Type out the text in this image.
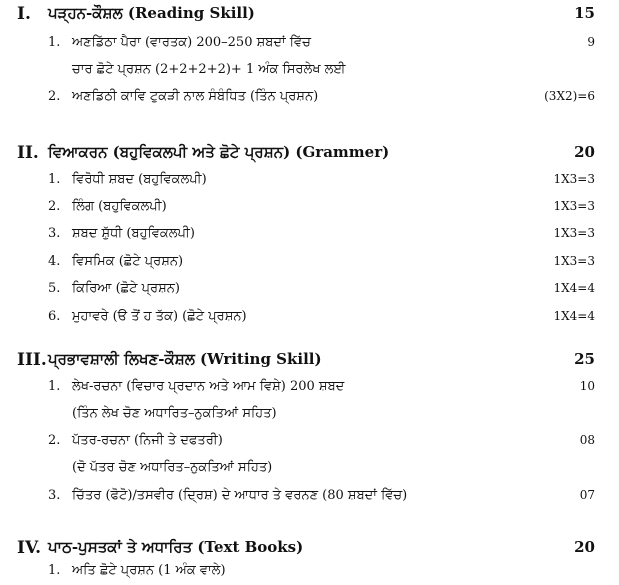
I. ਪੜ੍ਹਨ-ਕੌਸ਼ਲ (Reading Skill)	15
1. ਅਣਡਿੱਠਾ ਪੈਰਾ (ਵਾਰਤਕ) 200–250 ਸ਼ਬਦਾਂ ਵਿੱਚ	9
ਚਾਰ ਛੋਟੇ ਪ੍ਰਸ਼ਨ (2+2+2+2)+ 1 ਅੰਕ ਸਿਰਲੇਖ ਲਈ
2. ਅਣਡਿਠੀ ਕਾਵਿ ਟੁਕੜੀ ਨਾਲ ਸੰਬੰਧਿਤ (ਤਿੰਨ ਪ੍ਰਸ਼ਨ)	(3X2)=6
II. ਵਿਆਕਰਨ (ਬਹੁਵਿਕਲਪੀ ਅਤੇ ਛੋਟੇ ਪ੍ਰਸ਼ਨ) (Grammer)	20
1. ਵਿਰੋਧੀ ਸ਼ਬਦ (ਬਹੁਵਿਕਲਪੀ)	1X3=3
2. ਲਿੰਗ (ਬਹੁਵਿਕਲਪੀ)	1X3=3
3. ਸ਼ਬਦ ਸ਼ੁੱਧੀ (ਬਹੁਵਿਕਲਪੀ)	1X3=3
4. ਵਿਸਮਿਕ (ਛੋਟੇ ਪ੍ਰਸ਼ਨ)	1X3=3
5. ਕਿਰਿਆ (ਛੋਟੇ ਪ੍ਰਸ਼ਨ)	1X4=4
6. ਮੁਹਾਵਰੇ (ੳ ਤੋਂ ਹ ਤੱਕ) (ਛੋਟੇ ਪ੍ਰਸ਼ਨ)	1X4=4
III. ਪ੍ਰਭਾਵਸ਼ਾਲੀ ਲਿਖਣ-ਕੌਸ਼ਲ (Writing Skill)	25
1. ਲੇਖ-ਰਚਨਾ (ਵਿਚਾਰ ਪ੍ਰਦਾਨ ਅਤੇ ਆਮ ਵਿਸ਼ੇ) 200 ਸ਼ਬਦ	10
(ਤਿੰਨ ਲੇਖ ਚੋਣ ਅਧਾਰਿਤ–ਨੁਕਤਿਆਂ ਸਹਿਤ)
2. ਪੱਤਰ-ਰਚਨਾ (ਨਿਜੀ ਤੇ ਦਫਤਰੀ)	08
(ਦੋ ਪੱਤਰ ਚੋਣ ਅਧਾਰਿਤ–ਨੁਕਤਿਆਂ ਸਹਿਤ)
3. ਚਿੱਤਰ (ਫੋਟੋ)/ਤਸਵੀਰ (ਦ੍ਰਿਸ਼) ਦੇ ਆਧਾਰ ਤੇ ਵਰਨਣ (80 ਸ਼ਬਦਾਂ ਵਿੱਚ)	07
IV. ਪਾਠ-ਪੁਸਤਕਾਂ ਤੇ ਅਧਾਰਿਤ (Text Books)	20
1. ਅਤਿ ਛੋਟੇ ਪ੍ਰਸ਼ਨ (1 ਅੰਕ ਵਾਲੇ)
